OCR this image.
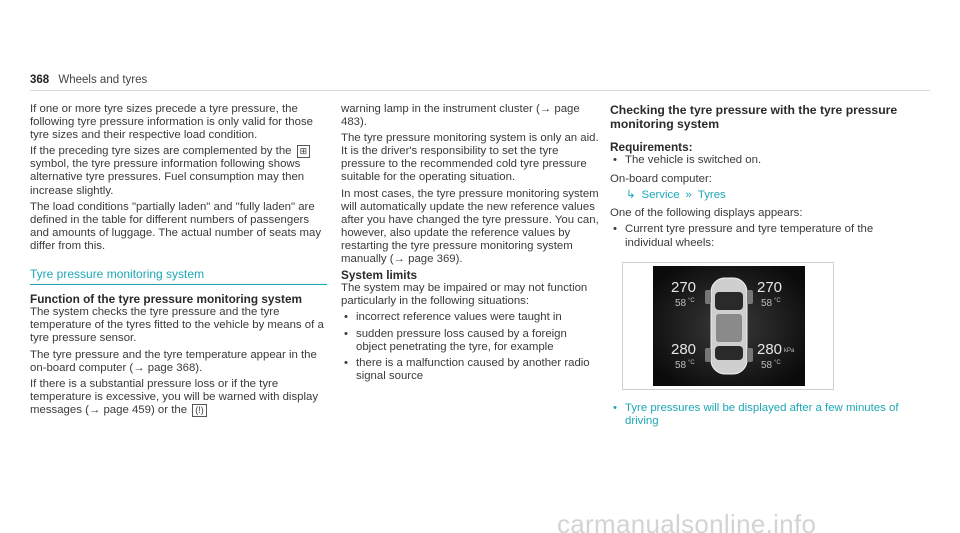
368 Wheels and tyres

If one or more tyre sizes precede a tyre pressure, the following tyre pressure information is only valid for those tyre sizes and their respective load condition.

If the preceding tyre sizes are complemented by the ⊞ symbol, the tyre pressure information following shows alternative tyre pressures. Fuel consumption may then increase slightly.

The load conditions "partially laden" and "fully laden" are defined in the table for different numbers of passengers and amounts of luggage. The actual number of seats may differ from this.

Tyre pressure monitoring system
Function of the tyre pressure monitoring system

The system checks the tyre pressure and the tyre temperature of the tyres fitted to the vehicle by means of a tyre pressure sensor.

The tyre pressure and the tyre temperature appear in the on-board computer (→ page 368).

If there is a substantial pressure loss or if the tyre temperature is excessive, you will be warned with display messages (→ page 459) or the (!)

warning lamp in the instrument cluster (→ page 483).

The tyre pressure monitoring system is only an aid. It is the driver's responsibility to set the tyre pressure to the recommended cold tyre pressure suitable for the operating situation.

In most cases, the tyre pressure monitoring system will automatically update the new reference values after you have changed the tyre pressure. You can, however, also update the reference values by restarting the tyre pressure monitoring system manually (→ page 369).

System limits

The system may be impaired or may not function particularly in the following situations:

• incorrect reference values were taught in
• sudden pressure loss caused by a foreign object penetrating the tyre, for example
• there is a malfunction caused by another radio signal source
Checking the tyre pressure with the tyre pressure monitoring system
Requirements:
• The vehicle is switched on.

On-board computer:

↳ Service » Tyres

One of the following displays appears:

• Current tyre pressure and tyre temperature of the individual wheels:
270
58 °C
270
58 °C
280
58 °C
280 kPa
58 °C
• Tyre pressures will be displayed after a few minutes of driving
carmanualsonline.info
